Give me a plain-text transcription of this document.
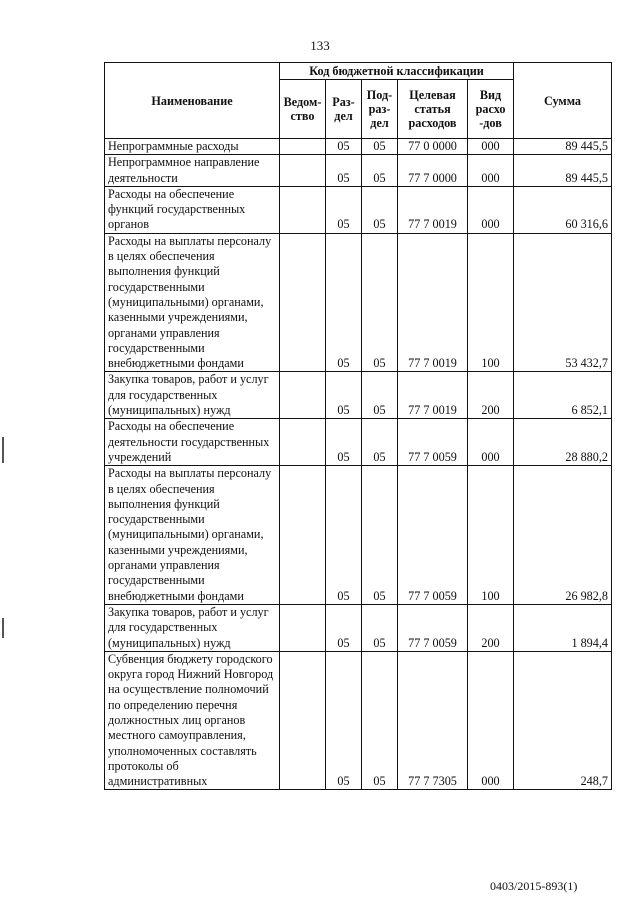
133
Наименование	Код бюджетной классификации					Сумма
	Ведом-ство	Раз-дел	Под-раз-дел	Целевая статья расходов	Вид расхо -дов	
Непрограммные расходы		05	05	77 0 0000	000	89 445,5
Непрограммное направление деятельности		05	05	77 7 0000	000	89 445,5
Расходы на обеспечение функций государственных органов		05	05	77 7 0019	000	60 316,6
Расходы на выплаты персоналу в целях обеспечения выполнения функций государственными (муниципальными) органами, казенными учреждениями, органами управления государственными внебюджетными фондами		05	05	77 7 0019	100	53 432,7
Закупка товаров, работ и услуг для государственных (муниципальных) нужд		05	05	77 7 0019	200	6 852,1
Расходы на обеспечение деятельности государственных учреждений		05	05	77 7 0059	000	28 880,2
Расходы на выплаты персоналу в целях обеспечения выполнения функций государственными (муниципальными) органами, казенными учреждениями, органами управления государственными внебюджетными фондами		05	05	77 7 0059	100	26 982,8
Закупка товаров, работ и услуг для государственных (муниципальных) нужд		05	05	77 7 0059	200	1 894,4
Субвенция бюджету городского округа город Нижний Новгород на осуществление полномочий по определению перечня должностных лиц органов местного самоуправления, уполномоченных составлять протоколы об административных		05	05	77 7 7305	000	248,7
0403/2015-893(1)
